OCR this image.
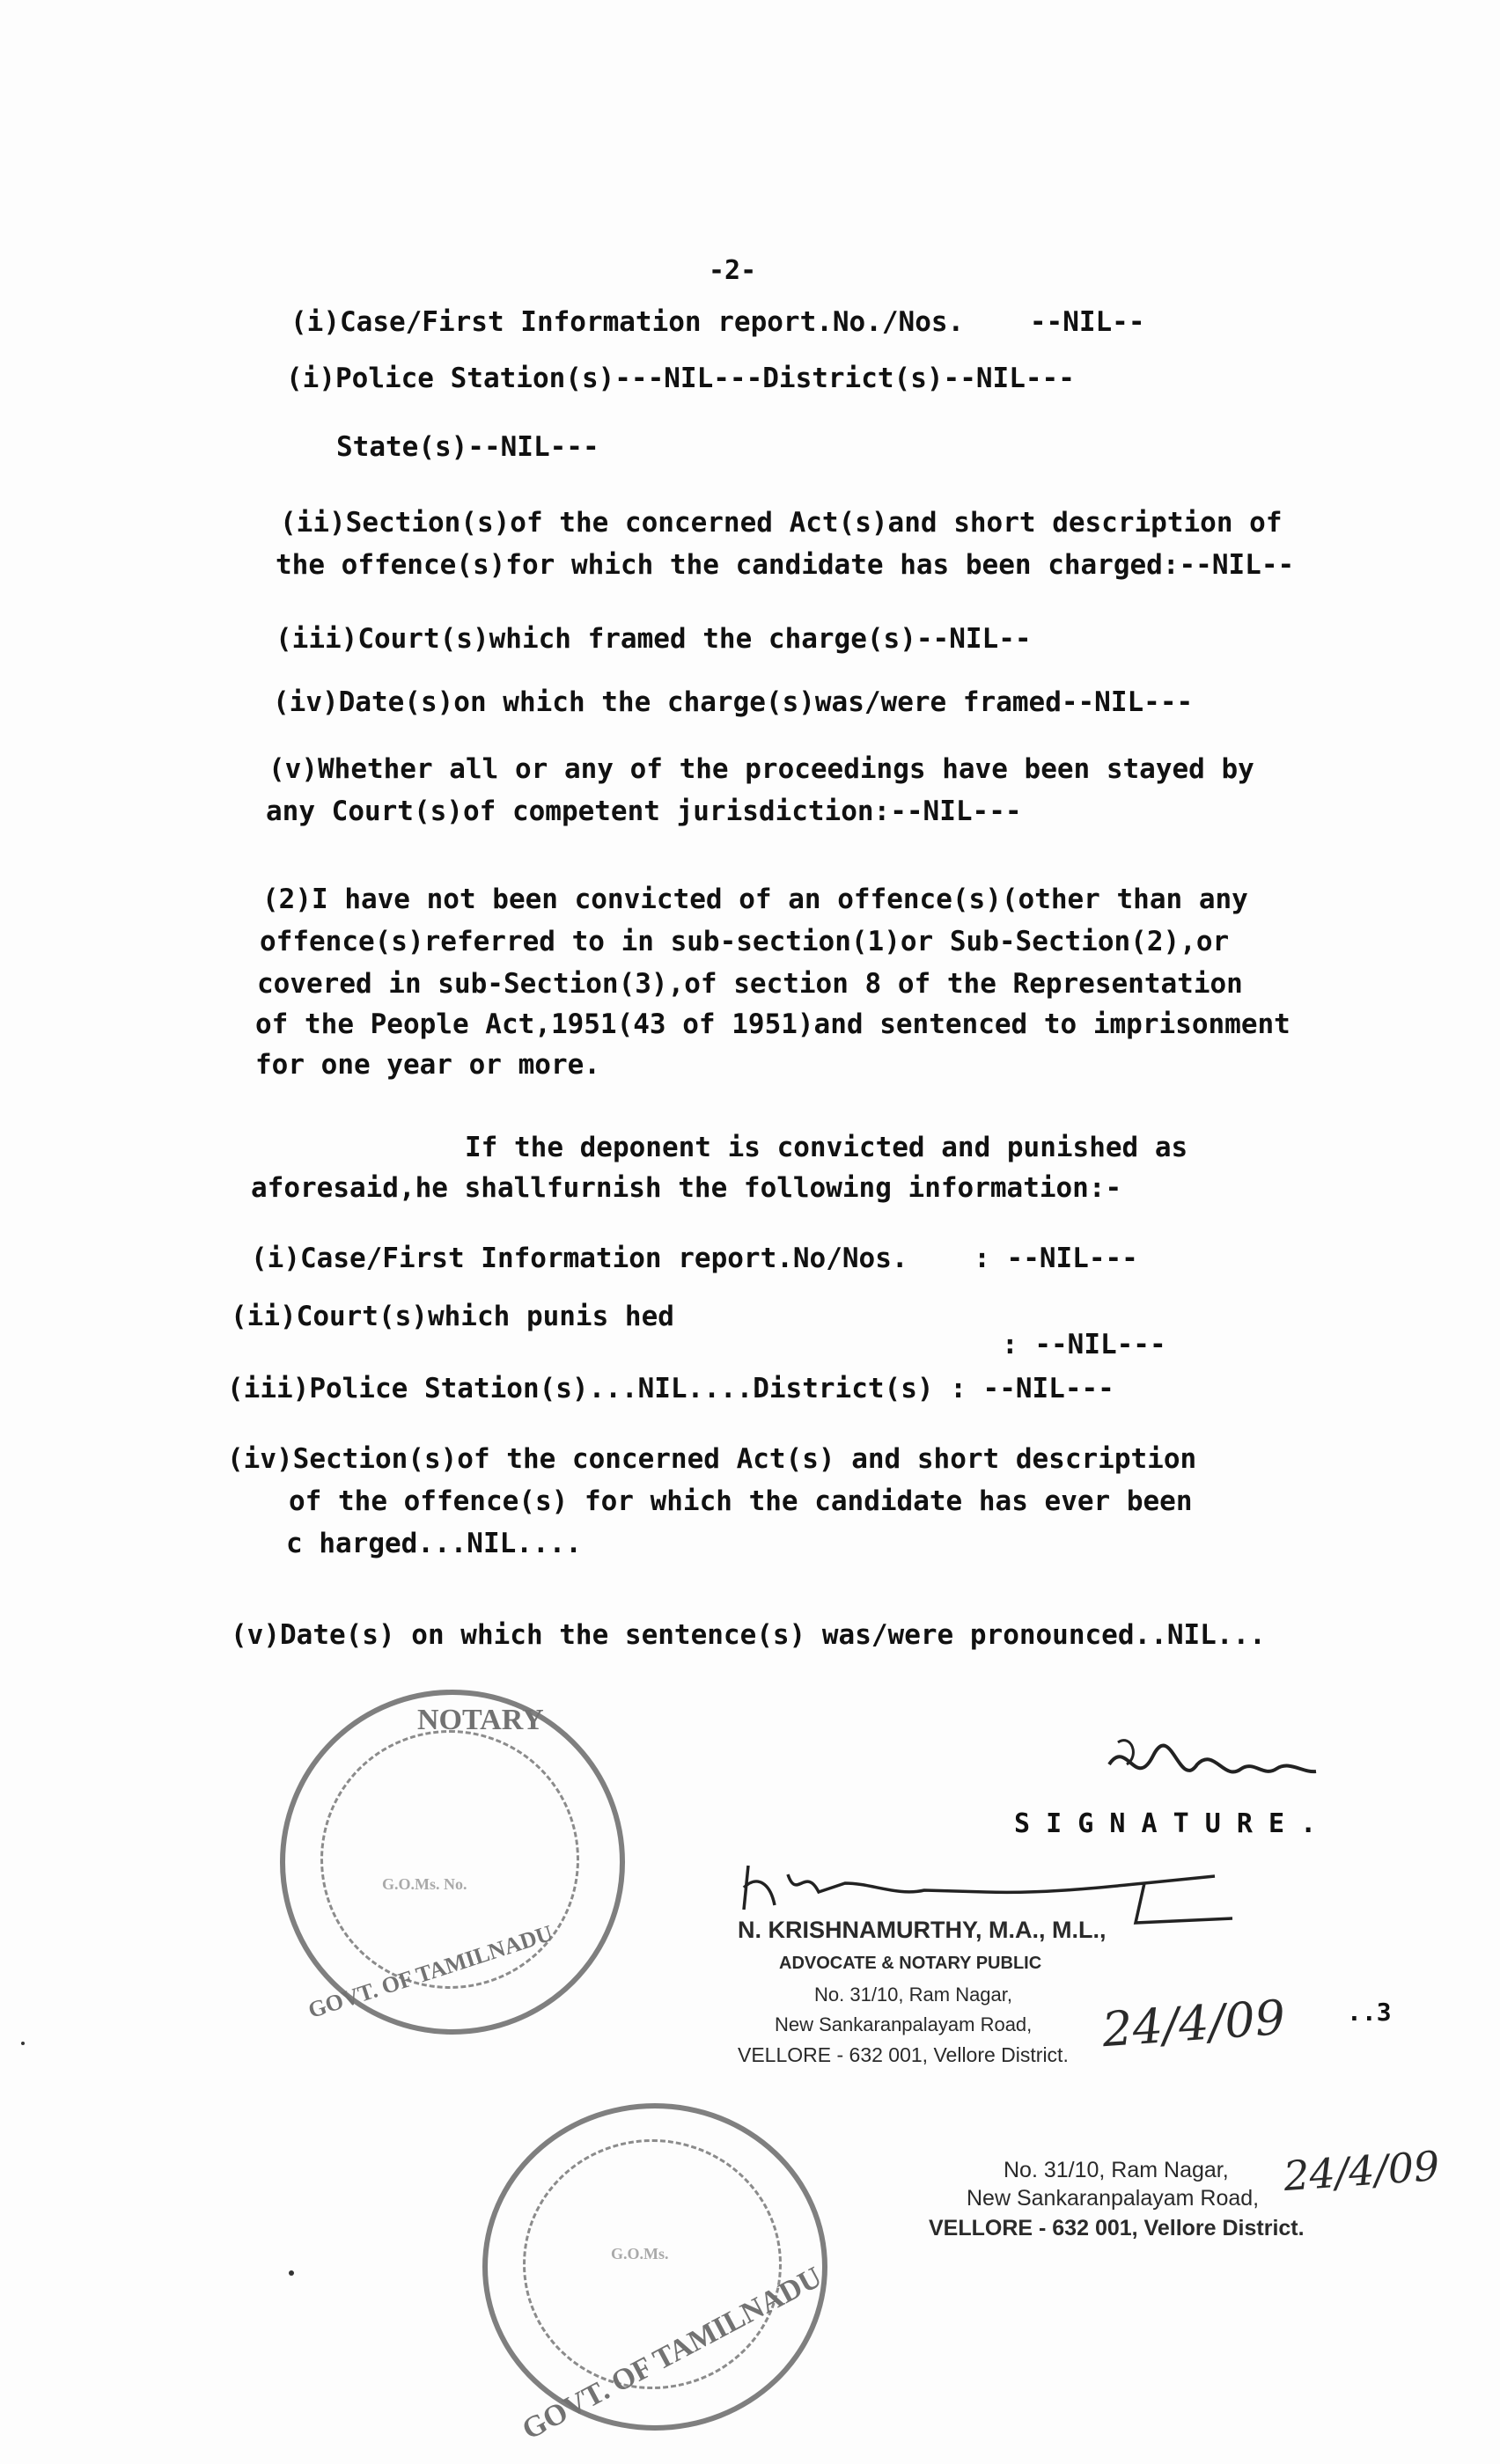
-2-
(i)Case/First Information report.No./Nos.    --NIL--
(i)Police Station(s)---NIL---District(s)--NIL---
State(s)--NIL---
(ii)Section(s)of the concerned Act(s)and short description of
the offence(s)for which the candidate has been charged:--NIL--
(iii)Court(s)which framed the charge(s)--NIL--
(iv)Date(s)on which the charge(s)was/were framed--NIL---
(v)Whether all or any of the proceedings have been stayed by
any Court(s)of competent jurisdiction:--NIL---
(2)I have not been convicted of an offence(s)(other than any
offence(s)referred to in sub-section(1)or Sub-Section(2),or
covered in sub-Section(3),of section 8 of the Representation
of the People Act,1951(43 of 1951)and sentenced to imprisonment
for one year or more.
If the deponent is convicted and punished as
aforesaid,he shallfurnish the following information:-
(i)Case/First Information report.No/Nos.    : --NIL---
(ii)Court(s)which punis hed
: --NIL---
(iii)Police Station(s)...NIL....District(s) : --NIL---
(iv)Section(s)of the concerned Act(s) and short description
of the offence(s) for which the candidate has ever been
c harged...NIL....
(v)Date(s) on which the sentence(s) was/were pronounced..NIL...
NOTARY
G.O.Ms. No.
GOVT. OF TAMILNADU
S I G N A T U R E .
N. KRISHNAMURTHY, M.A., M.L.,
ADVOCATE & NOTARY PUBLIC
No. 31/10, Ram Nagar,
New Sankaranpalayam Road,
VELLORE - 632 001, Vellore District. 24/4/09 ..3
G.O.Ms.
GOVT. OF TAMILNADU
No. 31/10, Ram Nagar,
New Sankaranpalayam Road,
VELLORE - 632 001, Vellore District.
24/4/09
